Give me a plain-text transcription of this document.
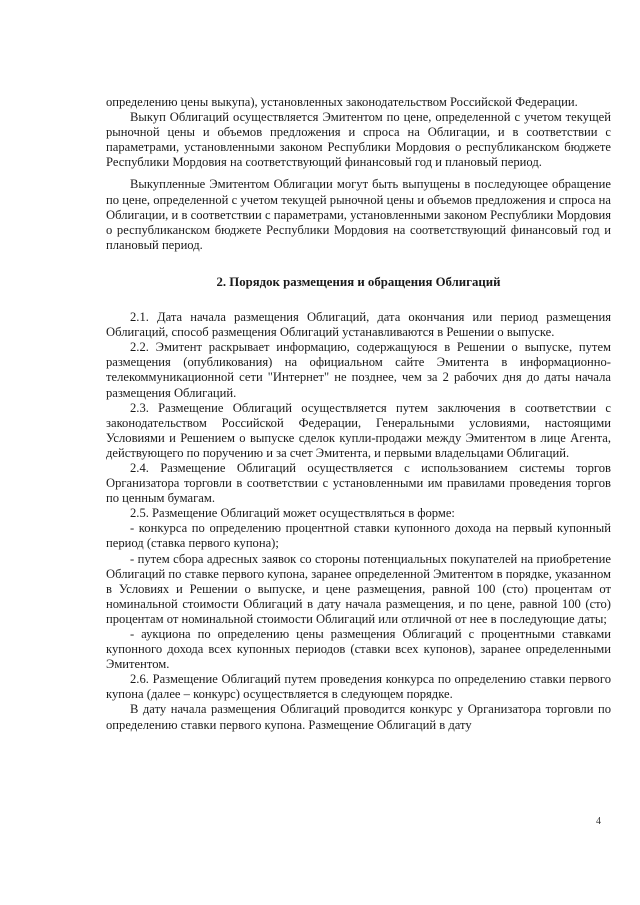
определению цены выкупа), установленных законодательством Российской Федерации.

Выкуп Облигаций осуществляется Эмитентом по цене, определенной с учетом текущей рыночной цены и объемов предложения и спроса на Облигации, и в соответствии с параметрами, установленными законом Республики Мордовия о республиканском бюджете Республики Мордовия на соответствующий финансовый год и плановый период.

Выкупленные Эмитентом Облигации могут быть выпущены в последующее обращение по цене, определенной с учетом текущей рыночной цены и объемов предложения и спроса на Облигации, и в соответствии с параметрами, установленными законом Республики Мордовия о республиканском бюджете Республики Мордовия на соответствующий финансовый год и плановый период.

2. Порядок размещения и обращения Облигаций

2.1. Дата начала размещения Облигаций, дата окончания или период размещения Облигаций, способ размещения Облигаций устанавливаются в Решении о выпуске.

2.2. Эмитент раскрывает информацию, содержащуюся в Решении о выпуске, путем размещения (опубликования) на официальном сайте Эмитента в информационно-телекоммуникационной сети "Интернет" не позднее, чем за 2 рабочих дня до даты начала размещения Облигаций.

2.3. Размещение Облигаций осуществляется путем заключения в соответствии с законодательством Российской Федерации, Генеральными условиями, настоящими Условиями и Решением о выпуске сделок купли-продажи между Эмитентом в лице Агента, действующего по поручению и за счет Эмитента, и первыми владельцами Облигаций.

2.4. Размещение Облигаций осуществляется с использованием системы торгов Организатора торговли в соответствии с установленными им правилами проведения торгов по ценным бумагам.

2.5. Размещение Облигаций может осуществляться в форме:

- конкурса по определению процентной ставки купонного дохода на первый купонный период (ставка первого купона);

- путем сбора адресных заявок со стороны потенциальных покупателей на приобретение Облигаций по ставке первого купона, заранее определенной Эмитентом в порядке, указанном в Условиях и Решении о выпуске, и цене размещения, равной 100 (сто) процентам от номинальной стоимости Облигаций в дату начала размещения, и по цене, равной 100 (сто) процентам от номинальной стоимости Облигаций или отличной от нее в последующие даты;

- аукциона по определению цены размещения Облигаций с процентными ставками купонного дохода всех купонных периодов (ставки всех купонов), заранее определенными Эмитентом.

2.6. Размещение Облигаций путем проведения конкурса по определению ставки первого купона (далее – конкурс) осуществляется в следующем порядке.

В дату начала размещения Облигаций проводится конкурс у Организатора торговли по определению ставки первого купона. Размещение Облигаций в дату

4
